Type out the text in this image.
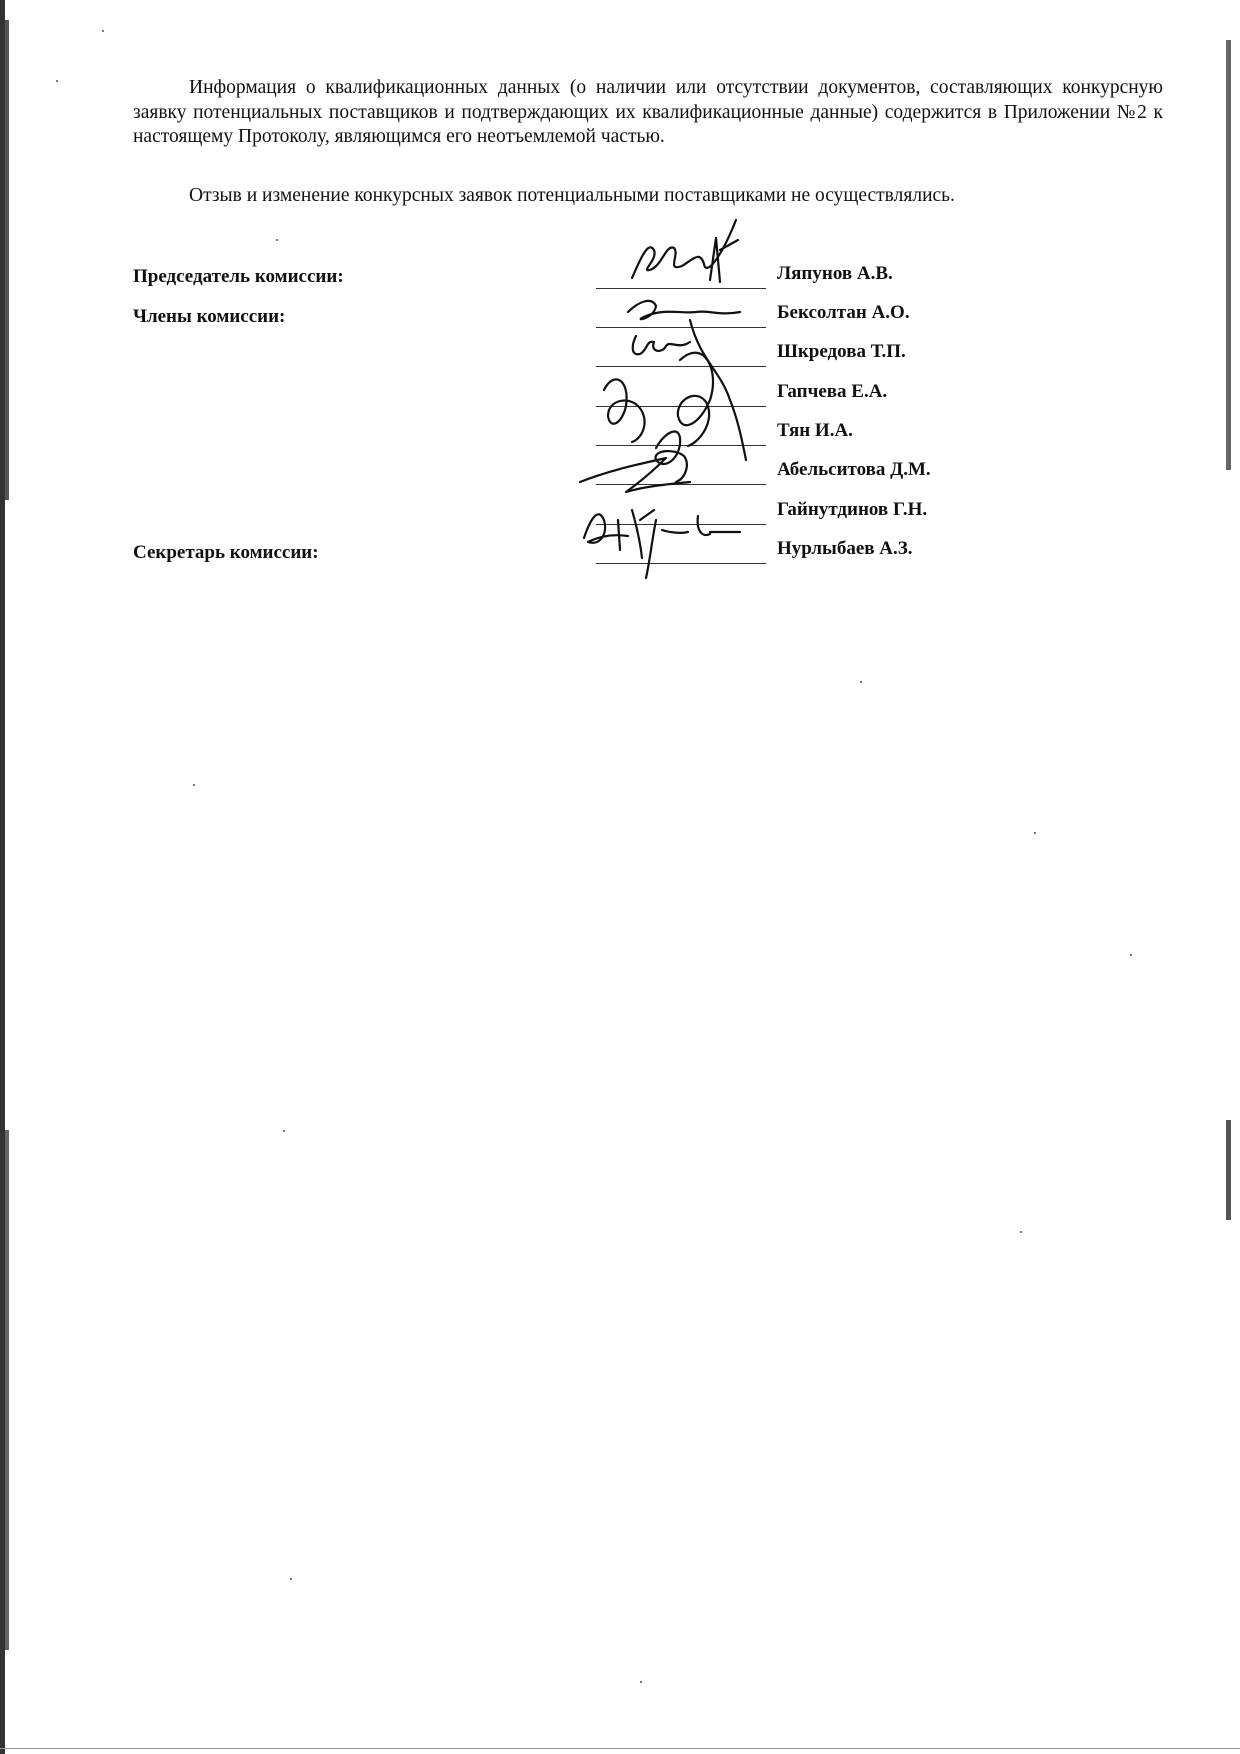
Информация о квалификационных данных (о наличии или отсутствии документов, составляющих конкурсную заявку потенциальных поставщиков и подтверждающих их квалификационные данные) содержится в Приложении №2 к настоящему Протоколу, являющимся его неотъемлемой частью.

Отзыв и изменение конкурсных заявок потенциальными поставщиками не осуществлялись.

Председатель комиссии:
Члены комиссии:
Секретарь комиссии:
Ляпунов А.В.
Бексолтан А.О.
Шкредова Т.П.
Гапчева Е.А.
Тян И.А.
Абельситова Д.М.
Гайнутдинов Г.Н.
Нурлыбаев А.З.
